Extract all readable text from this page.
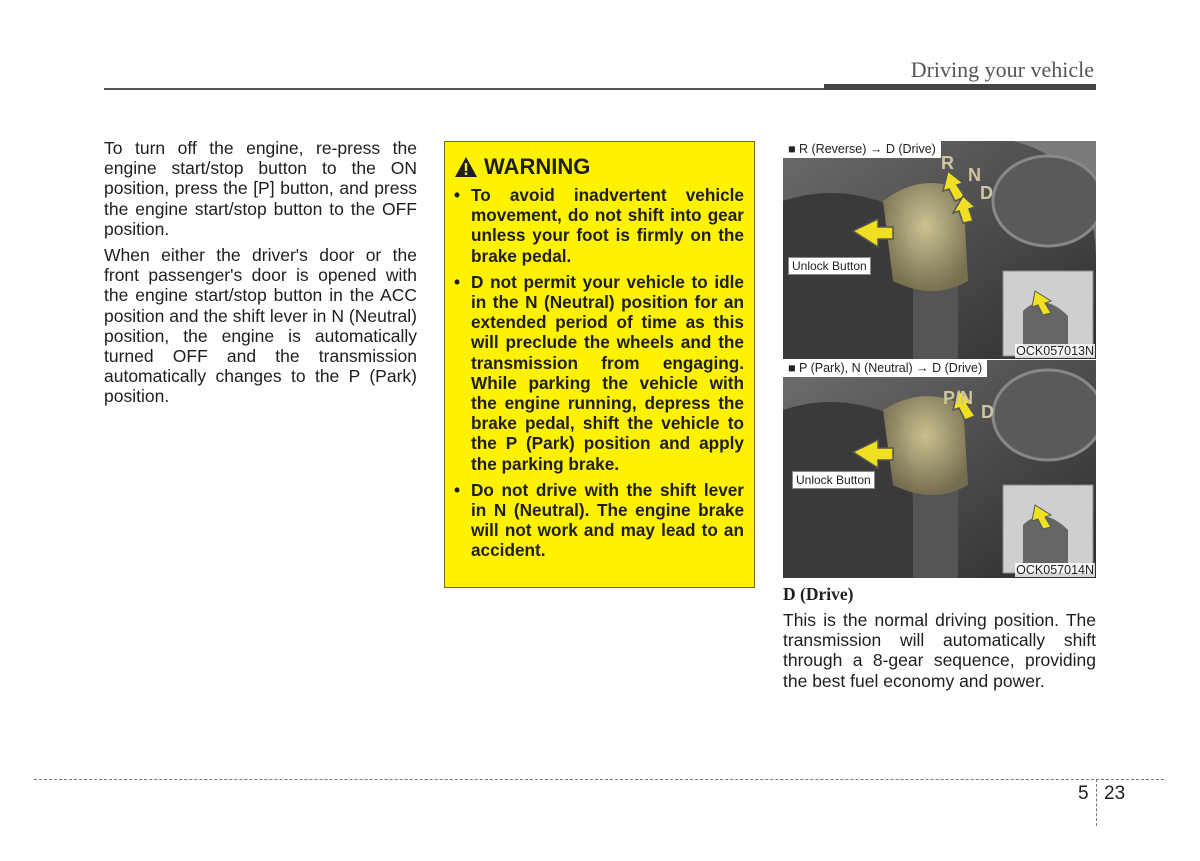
Driving your vehicle

To turn off the engine, re-press the engine start/stop button to the ON position, press the [P] button, and press the engine start/stop button to the OFF position.

When either the driver's door or the front passenger's door is opened with the engine start/stop button in the ACC position and the shift lever in N (Neutral) position, the engine is automatically turned OFF and the transmission automatically changes to the P (Park) position.

WARNING
• To avoid inadvertent vehicle movement, do not shift into gear unless your foot is firmly on the brake pedal.
• D not permit your vehicle to idle in the N (Neutral) position for an extended period of time as this will preclude the wheels and the transmission from engaging. While parking the vehicle with the engine running, depress the brake pedal, shift the vehicle to the P (Park) position and apply the parking brake.
• Do not drive with the shift lever in N (Neutral). The engine brake will not work and may lead to an accident.
R
N
D
■ R (Reverse) → D (Drive)
Unlock Button
OCK057013N
P/N
D
■ P (Park), N (Neutral) → D (Drive)
Unlock Button
OCK057014N
D (Drive)

This is the normal driving position. The transmission will automatically shift through a 8-gear sequence, providing the best fuel economy and power.

5 23
